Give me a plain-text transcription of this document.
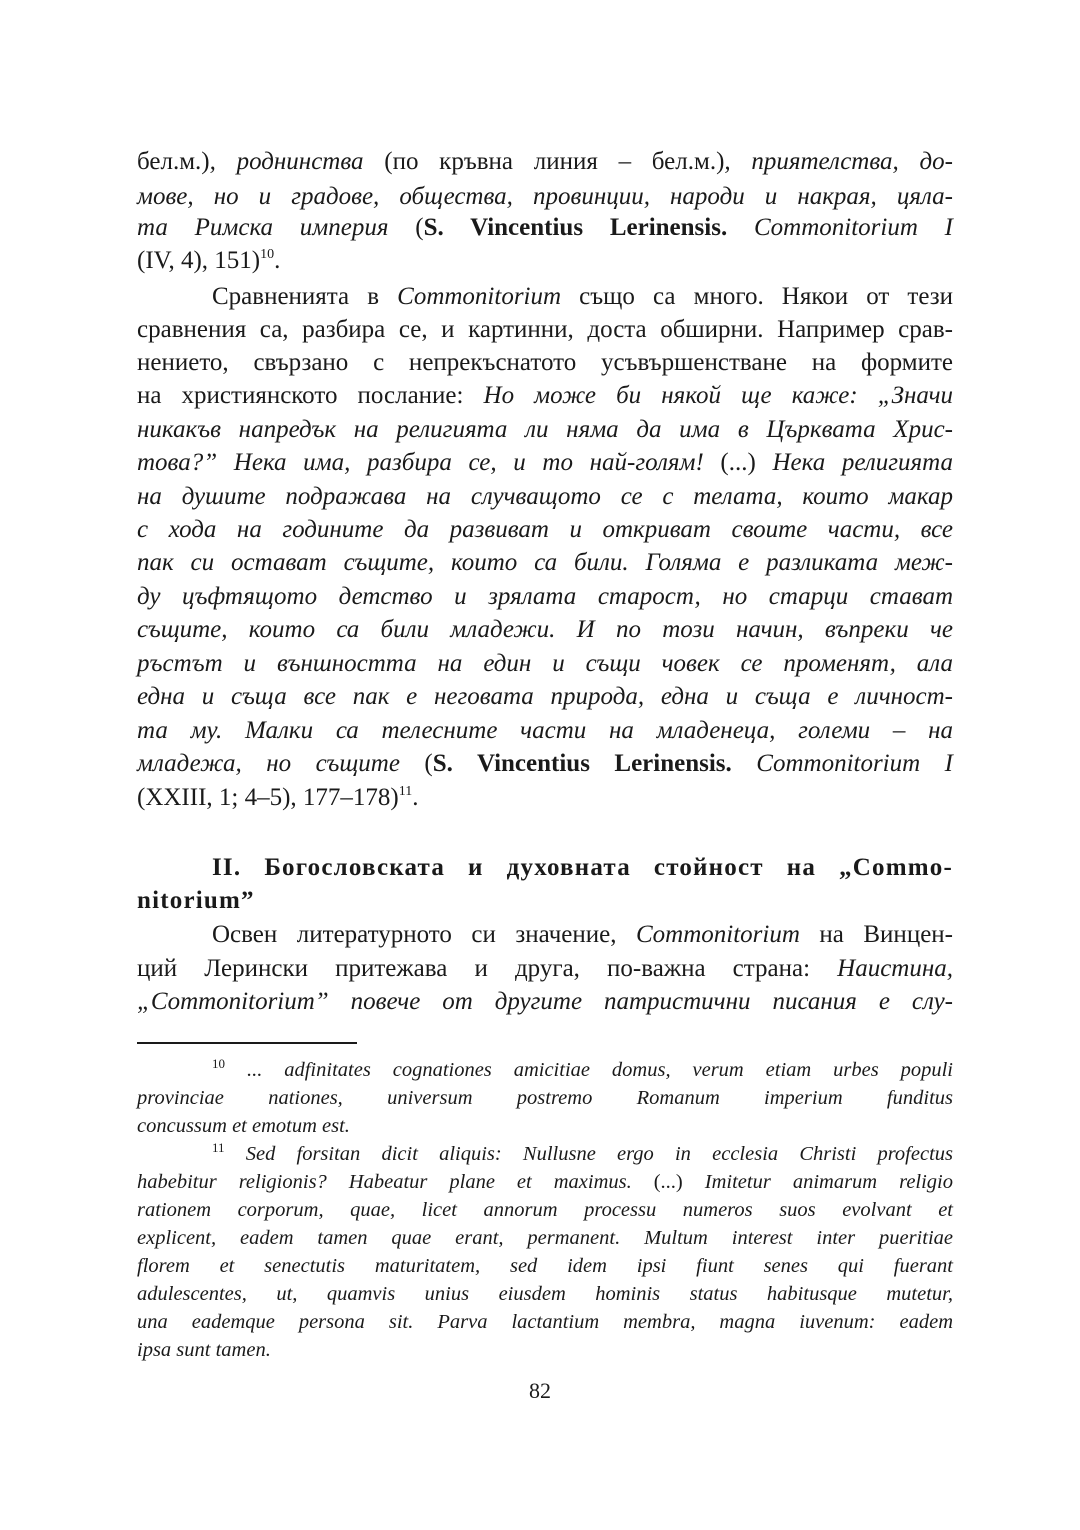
бел.м.), роднинства (по кръвна линия – бел.м.), приятелства, до-
мове, но и градове, общества, провинции, народи и накрая, цяла-
та Римска империя (S. Vincentius Lerinensis. Commonitorium I
(IV, 4), 151)$^{10}$.
Сравненията в Commonitorium също са много. Някои от тези
сравнения са, разбира се, и картинни, доста обширни. Например срав-
нението, свързано с непрекъснатото усъвършенстване на формите
на християнското послание: Но може би някой ще каже: „Значи
никакъв напредък на религията ли няма да има в Църквата Хрис-
това?” Нека има, разбира се, и то най-голям! (...) Нека религията
на душите подражава на случващото се с телата, които макар
с хода на годините да развиват и откриват своите части, все
пак си остават същите, които са били. Голяма е разликата меж-
ду цъфтящото детство и зрялата старост, но старци стават
същите, които са били младежи. И по този начин, въпреки че
ръстът и външността на един и същи човек се променят, ала
една и съща все пак е неговата природа, една и съща е личност-
та му. Малки са телесните части на младенеца, големи – на
младежа, но същите (S. Vincentius Lerinensis. Commonitorium I
(XXIII, 1; 4–5), 177–178)$^{11}$.
II. Богословската и духовната стойност на „Commo-
nitorium”
Освен литературното си значение, Commonitorium на Винцен-
ций Лерински притежава и друга, по-важна страна: Наистина,
„Commonitorium” повече от другите патристични писания е слу-
$^{10}$ ... adfinitates cognationes amicitiae domus, verum etiam urbes populi
provinciae nationes, universum postremo Romanum imperium funditus
concussum et emotum est.
$^{11}$ Sed forsitan dicit aliquis: Nullusne ergo in ecclesia Christi profectus
habebitur religionis? Habeatur plane et maximus. (...) Imitetur animarum religio
rationem corporum, quae, licet annorum processu numeros suos evolvant et
explicent, eadem tamen quae erant, permanent. Multum interest inter pueritiae
florem et senectutis maturitatem, sed idem ipsi fiunt senes qui fuerant
adulescentes, ut, quamvis unius eiusdem hominis status habitusque mutetur,
una eademque persona sit. Parva lactantium membra, magna iuvenum: eadem
ipsa sunt tamen.
82
